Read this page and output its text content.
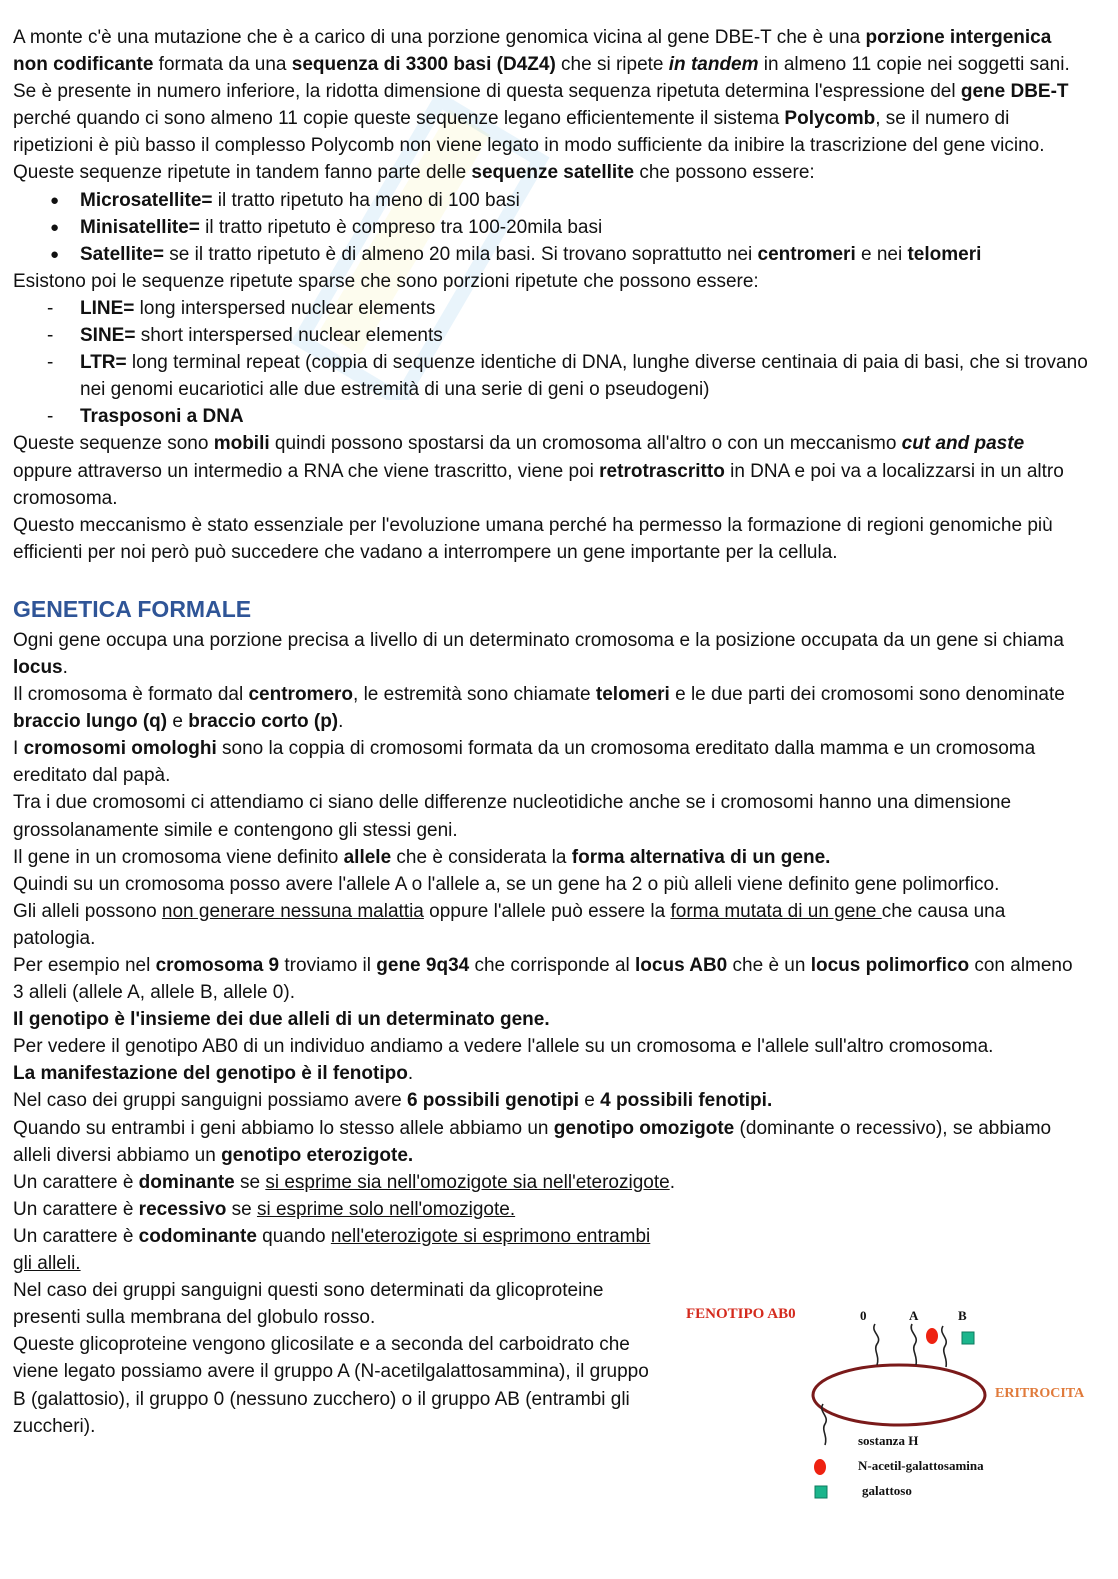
A monte c'è una mutazione che è a carico di una porzione genomica vicina al gene DBE-T che è una porzione intergenica non codificante formata da una sequenza di 3300 basi (D4Z4) che si ripete in tandem in almeno 11 copie nei soggetti sani.

Se è presente in numero inferiore, la ridotta dimensione di questa sequenza ripetuta determina l'espressione del gene DBE-T perché quando ci sono almeno 11 copie queste sequenze legano efficientemente il sistema Polycomb, se il numero di ripetizioni è più basso il complesso Polycomb non viene legato in modo sufficiente da inibire la trascrizione del gene vicino.

Queste sequenze ripetute in tandem fanno parte delle sequenze satellite che possono essere:

● Microsatellite= il tratto ripetuto ha meno di 100 basi
● Minisatellite= il tratto ripetuto è compreso tra 100-20mila basi
● Satellite= se il tratto ripetuto è di almeno 20 mila basi. Si trovano soprattutto nei centromeri e nei telomeri

Esistono poi le sequenze ripetute sparse che sono porzioni ripetute che possono essere:

- LINE= long interspersed nuclear elements
- SINE= short interspersed nuclear elements
- LTR= long terminal repeat (coppia di sequenze identiche di DNA, lunghe diverse centinaia di paia di basi, che si trovano nei genomi eucariotici alle due estremità di una serie di geni o pseudogeni)
- Trasposoni a DNA

Queste sequenze sono mobili quindi possono spostarsi da un cromosoma all'altro o con un meccanismo cut and paste oppure attraverso un intermedio a RNA che viene trascritto, viene poi retrotrascritto in DNA e poi va a localizzarsi in un altro cromosoma.

Questo meccanismo è stato essenziale per l'evoluzione umana perché ha permesso la formazione di regioni genomiche più efficienti per noi però può succedere che vadano a interrompere un gene importante per la cellula.

GENETICA FORMALE

Ogni gene occupa una porzione precisa a livello di un determinato cromosoma e la posizione occupata da un gene si chiama locus.

Il cromosoma è formato dal centromero, le estremità sono chiamate telomeri e le due parti dei cromosomi sono denominate braccio lungo (q) e braccio corto (p).

I cromosomi omologhi sono la coppia di cromosomi formata da un cromosoma ereditato dalla mamma e un cromosoma ereditato dal papà.

Tra i due cromosomi ci attendiamo ci siano delle differenze nucleotidiche anche se i cromosomi hanno una dimensione grossolanamente simile e contengono gli stessi geni.

Il gene in un cromosoma viene definito allele che è considerata la forma alternativa di un gene.

Quindi su un cromosoma posso avere l'allele A o l'allele a, se un gene ha 2 o più alleli viene definito gene polimorfico.

Gli alleli possono non generare nessuna malattia oppure l'allele può essere la forma mutata di un gene che causa una patologia.

Per esempio nel cromosoma 9 troviamo il gene 9q34 che corrisponde al locus AB0 che è un locus polimorfico con almeno 3 alleli (allele A, allele B, allele 0).

Il genotipo è l'insieme dei due alleli di un determinato gene.

Per vedere il genotipo AB0 di un individuo andiamo a vedere l'allele su un cromosoma e l'allele sull'altro cromosoma.

La manifestazione del genotipo è il fenotipo.

Nel caso dei gruppi sanguigni possiamo avere 6 possibili genotipi e 4 possibili fenotipi.

Quando su entrambi i geni abbiamo lo stesso allele abbiamo un genotipo omozigote (dominante o recessivo), se abbiamo alleli diversi abbiamo un genotipo eterozigote.

Un carattere è dominante se si esprime sia nell'omozigote sia nell'eterozigote.

Un carattere è recessivo se si esprime solo nell'omozigote.

Un carattere è codominante quando nell'eterozigote si esprimono entrambi gli alleli.

Nel caso dei gruppi sanguigni questi sono determinati da glicoproteine presenti sulla membrana del globulo rosso.

Queste glicoproteine vengono glicosilate e a seconda del carboidrato che viene legato possiamo avere il gruppo A (N-acetilgalattosammina), il gruppo B (galattosio), il gruppo 0 (nessuno zucchero) o il gruppo AB (entrambi gli zuccheri).

FENOTIPO AB0	0	A	B
ERITROCITA
sostanza H
N-acetil-galattosamina
galattoso
